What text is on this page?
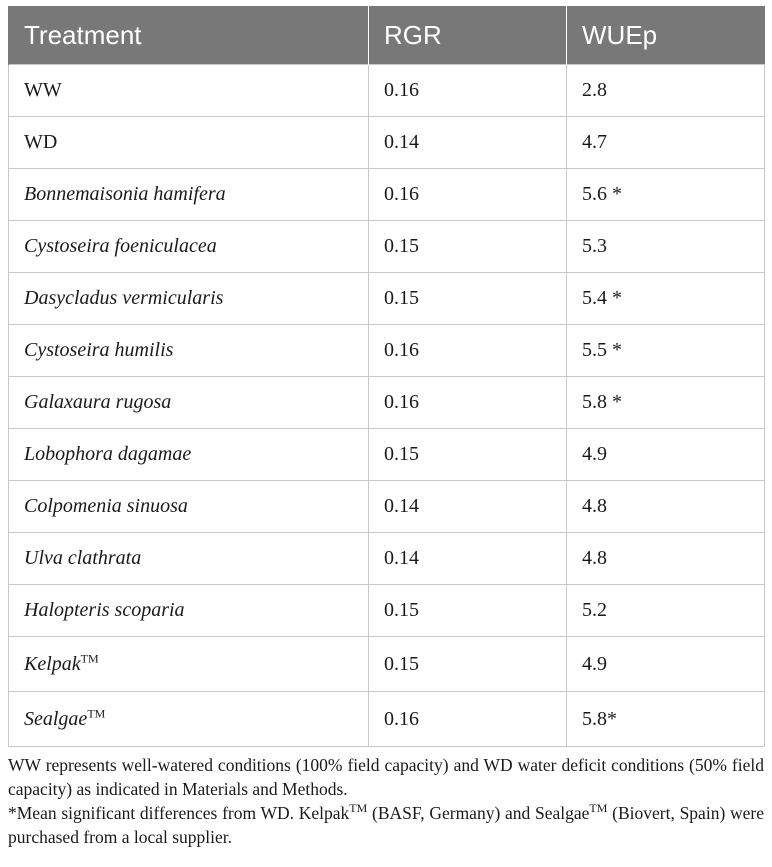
Treatment	RGR	WUEp
WW	0.16	2.8
WD	0.14	4.7
Bonnemaisonia hamifera	0.16	5.6 *
Cystoseira foeniculacea	0.15	5.3
Dasycladus vermicularis	0.15	5.4 *
Cystoseira humilis	0.16	5.5 *
Galaxaura rugosa	0.16	5.8 *
Lobophora dagamae	0.15	4.9
Colpomenia sinuosa	0.14	4.8
Ulva clathrata	0.14	4.8
Halopteris scoparia	0.15	5.2
Kelpak™	0.15	4.9
Sealgae™	0.16	5.8*

WW represents well-watered conditions (100% field capacity) and WD water deficit conditions (50% field capacity) as indicated in Materials and Methods.

*Mean significant differences from WD. Kelpak™ (BASF, Germany) and Sealgae™ (Biovert, Spain) were purchased from a local supplier.
